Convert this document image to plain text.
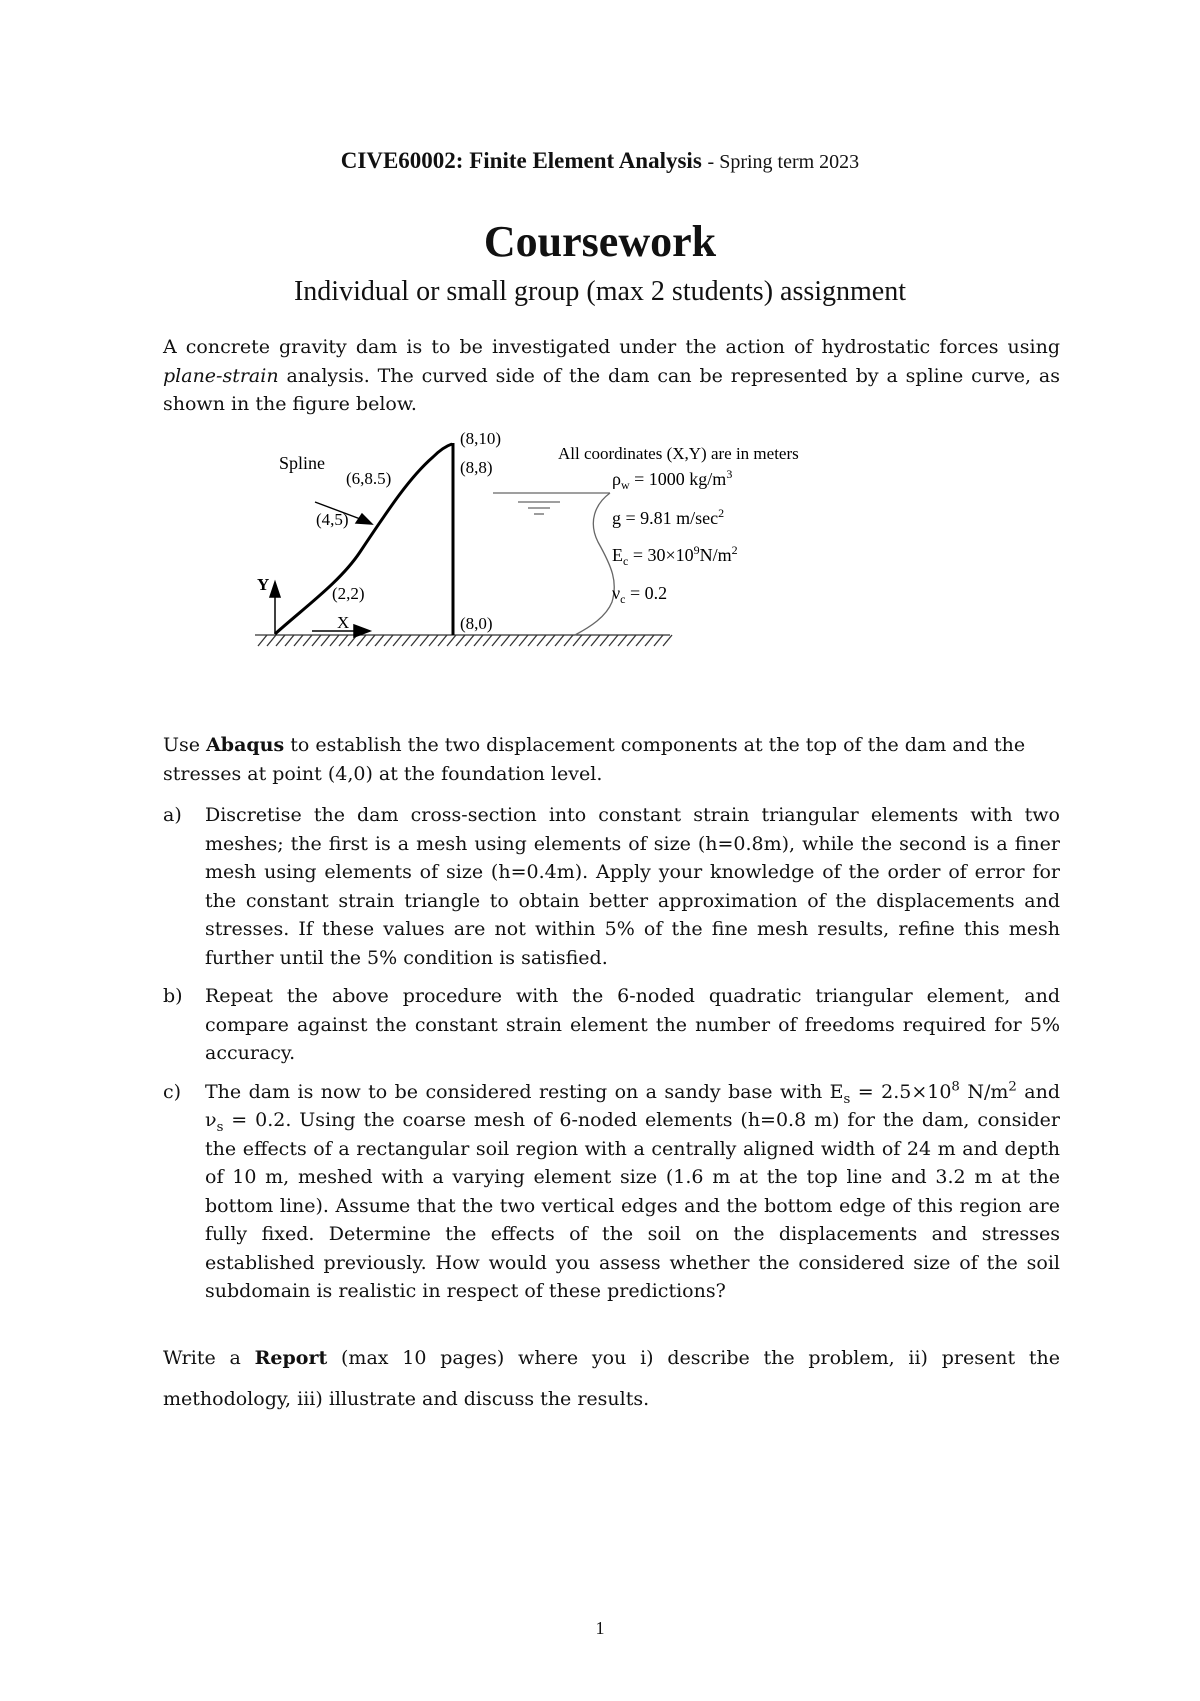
CIVE60002: Finite Element Analysis - Spring term 2023
Coursework
Individual or small group (max 2 students) assignment

A concrete gravity dam is to be investigated under the action of hydrostatic forces using plane-strain analysis. The curved side of the dam can be represented by a spline curve, as shown in the figure below.

(8,10)
(8,8)
(6,8.5)
(4,5)
(2,2)
(8,0)
Spline
Y
X
All coordinates (X,Y) are in meters
$\rho_w = 1000$ $kg/m^3$
g = 9.81 $m/\sec^2$
$E_c = 30\times 10^9N/m^2$
$\nu_c = 0.2$

Use Abaqus to establish the two displacement components at the top of the dam and the stresses at point (4,0) at the foundation level.

a) Discretise the dam cross-section into constant strain triangular elements with two meshes; the first is a mesh using elements of size (h=0.8m), while the second is a finer mesh using elements of size (h=0.4m). Apply your knowledge of the order of error for the constant strain triangle to obtain better approximation of the displacements and stresses. If these values are not within 5% of the fine mesh results, refine this mesh further until the 5% condition is satisfied.
b) Repeat the above procedure with the 6-noded quadratic triangular element, and compare against the constant strain element the number of freedoms required for 5% accuracy.
c) The dam is now to be considered resting on a sandy base with $E_s = 2.5\times 10^8$ $N/m^2$ and $\nu_s = 0.2$. Using the coarse mesh of 6-noded elements (h=0.8 m) for the dam, consider the effects of a rectangular soil region with a centrally aligned width of 24 m and depth of 10 m, meshed with a varying element size (1.6 m at the top line and 3.2 m at the bottom line). Assume that the two vertical edges and the bottom edge of this region are fully fixed. Determine the effects of the soil on the displacements and stresses established previously. How would you assess whether the considered size of the soil subdomain is realistic in respect of these predictions?

Write a Report (max 10 pages) where you i) describe the problem, ii) present the methodology, iii) illustrate and discuss the results.

1
